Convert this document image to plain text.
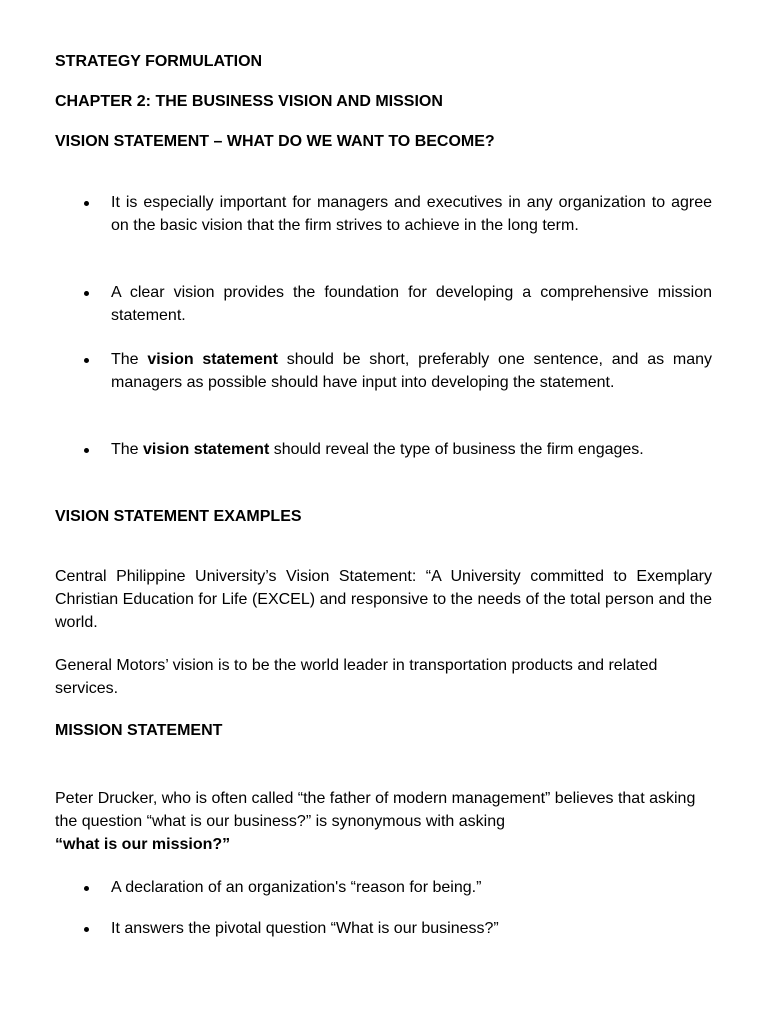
STRATEGY FORMULATION
CHAPTER 2: THE BUSINESS VISION AND MISSION
VISION STATEMENT – WHAT DO WE WANT TO BECOME?
It is especially important for managers and executives in any organization to agree on the basic vision that the firm strives to achieve in the long term.
A clear vision provides the foundation for developing a comprehensive mission statement.
The vision statement should be short, preferably one sentence, and as many managers as possible should have input into developing the statement.
The vision statement should reveal the type of business the firm engages.
VISION STATEMENT EXAMPLES

Central Philippine University’s Vision Statement: “A University committed to Exemplary Christian Education for Life (EXCEL) and responsive to the needs of the total person and the world.

General Motors’ vision is to be the world leader in transportation products and related services.

MISSION STATEMENT

Peter Drucker, who is often called “the father of modern management” believes that asking the question “what is our business?” is synonymous with asking
“what is our mission?”

A declaration of an organization's “reason for being.”
It answers the pivotal question “What is our business?”
